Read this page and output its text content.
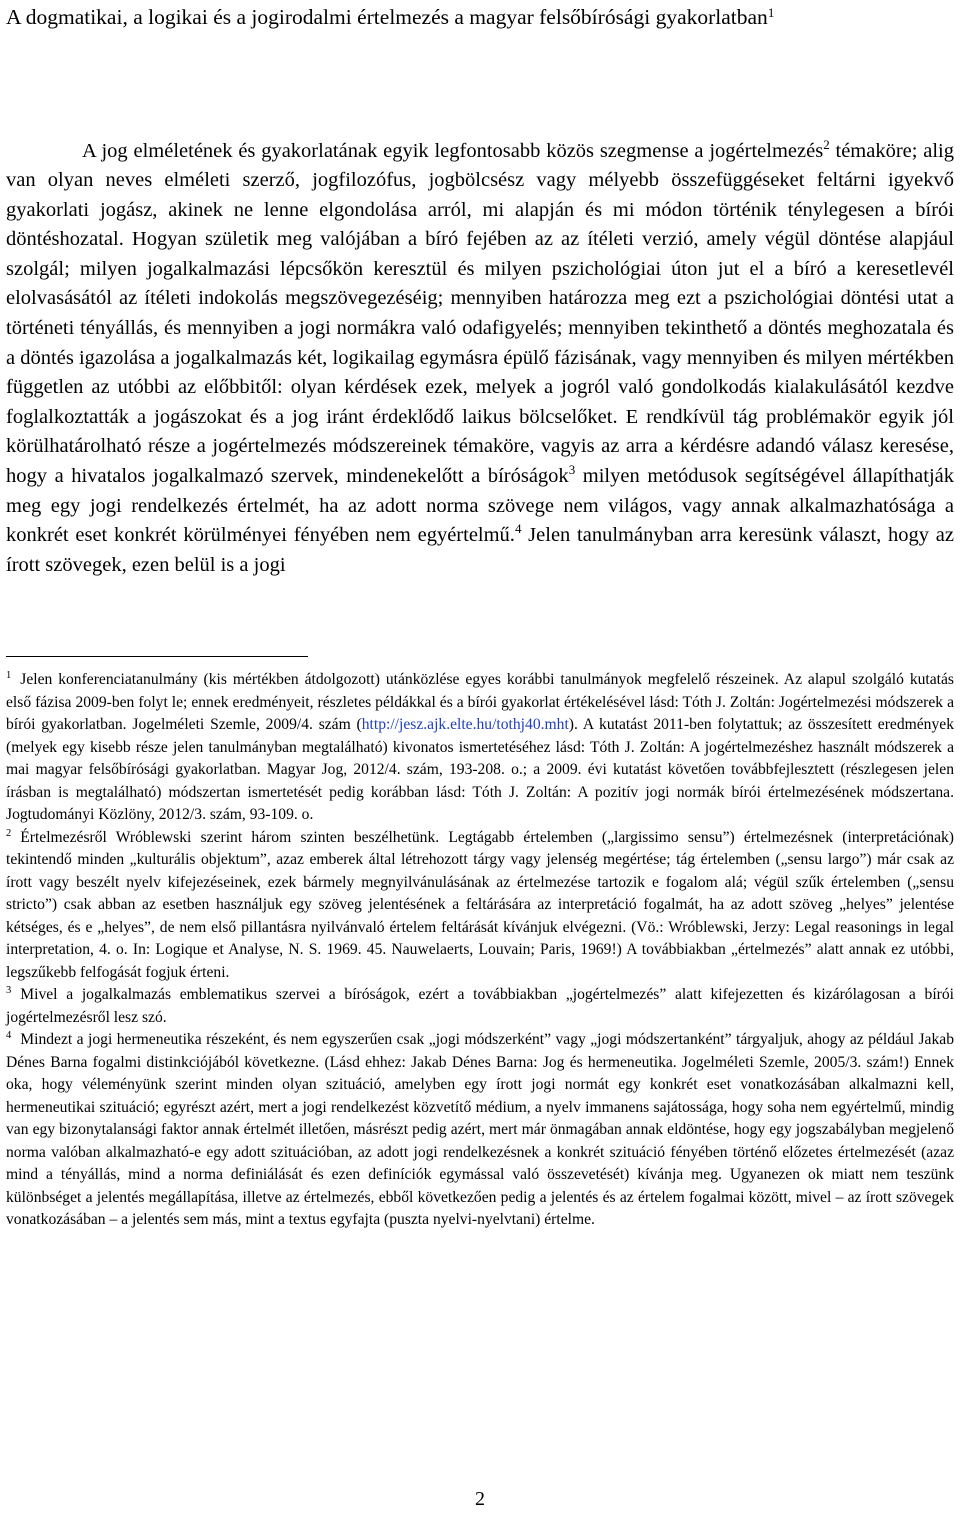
A dogmatikai, a logikai és a jogirodalmi értelmezés a magyar felsőbírósági gyakorlatban$^1$

A jog elméletének és gyakorlatának egyik legfontosabb közös szegmense a jogértelmezés$^2$ témaköre; alig van olyan neves elméleti szerző, jogfilozófus, jogbölcsész vagy mélyebb összefüggéseket feltárni igyekvő gyakorlati jogász, akinek ne lenne elgondolása arról, mi alapján és mi módon történik ténylegesen a bírói döntéshozatal. Hogyan születik meg valójában a bíró fejében az az ítéleti verzió, amely végül döntése alapjául szolgál; milyen jogalkalmazási lépcsőkön keresztül és milyen pszichológiai úton jut el a bíró a keresetlevél elolvasásától az ítéleti indokolás megszövegezéséig; mennyiben határozza meg ezt a pszichológiai döntési utat a történeti tényállás, és mennyiben a jogi normákra való odafigyelés; mennyiben tekinthető a döntés meghozatala és a döntés igazolása a jogalkalmazás két, logikailag egymásra épülő fázisának, vagy mennyiben és milyen mértékben független az utóbbi az előbbitől: olyan kérdések ezek, melyek a jogról való gondolkodás kialakulásától kezdve foglalkoztatták a jogászokat és a jog iránt érdeklődő laikus bölcselőket. E rendkívül tág problémakör egyik jól körülhatárolható része a jogértelmezés módszereinek témaköre, vagyis az arra a kérdésre adandó válasz keresése, hogy a hivatalos jogalkalmazó szervek, mindenekelőtt a bíróságok$^3$ milyen metódusok segítségével állapíthatják meg egy jogi rendelkezés értelmét, ha az adott norma szövege nem világos, vagy annak alkalmazhatósága a konkrét eset konkrét körülményei fényében nem egyértelmű.$^4$ Jelen tanulmányban arra keresünk választ, hogy az írott szövegek, ezen belül is a jogi

$^1$ Jelen konferenciatanulmány (kis mértékben átdolgozott) utánközlése egyes korábbi tanulmányok megfelelő részeinek. Az alapul szolgáló kutatás első fázisa 2009-ben folyt le; ennek eredményeit, részletes példákkal és a bírói gyakorlat értékelésével lásd: Tóth J. Zoltán: Jogértelmezési módszerek a bírói gyakorlatban. Jogelméleti Szemle, 2009/4. szám (http://jesz.ajk.elte.hu/tothj40.mht). A kutatást 2011-ben folytattuk; az összesített eredmények (melyek egy kisebb része jelen tanulmányban megtalálható) kivonatos ismertetéséhez lásd: Tóth J. Zoltán: A jogértelmezéshez használt módszerek a mai magyar felsőbírósági gyakorlatban. Magyar Jog, 2012/4. szám, 193-208. o.; a 2009. évi kutatást követően továbbfejlesztett (részlegesen jelen írásban is megtalálható) módszertan ismertetését pedig korábban lásd: Tóth J. Zoltán: A pozitív jogi normák bírói értelmezésének módszertana. Jogtudományi Közlöny, 2012/3. szám, 93-109. o.

$^2$ Értelmezésről Wróblewski szerint három szinten beszélhetünk. Legtágabb értelemben („largissimo sensu”) értelmezésnek (interpretációnak) tekintendő minden „kulturális objektum”, azaz emberek által létrehozott tárgy vagy jelenség megértése; tág értelemben („sensu largo”) már csak az írott vagy beszélt nyelv kifejezéseinek, ezek bármely megnyilvánulásának az értelmezése tartozik e fogalom alá; végül szűk értelemben („sensu stricto”) csak abban az esetben használjuk egy szöveg jelentésének a feltárására az interpretáció fogalmát, ha az adott szöveg „helyes” jelentése kétséges, és e „helyes”, de nem első pillantásra nyilvánvaló értelem feltárását kívánjuk elvégezni. (Vö.: Wróblewski, Jerzy: Legal reasonings in legal interpretation, 4. o. In: Logique et Analyse, N. S. 1969. 45. Nauwelaerts, Louvain; Paris, 1969!) A továbbiakban „értelmezés” alatt annak ez utóbbi, legszűkebb felfogását fogjuk érteni.

$^3$ Mivel a jogalkalmazás emblematikus szervei a bíróságok, ezért a továbbiakban „jogértelmezés” alatt kifejezetten és kizárólagosan a bírói jogértelmezésről lesz szó.

$^4$ Mindezt a jogi hermeneutika részeként, és nem egyszerűen csak „jogi módszerként” vagy „jogi módszertanként” tárgyaljuk, ahogy az például Jakab Dénes Barna fogalmi distinkciójából következne. (Lásd ehhez: Jakab Dénes Barna: Jog és hermeneutika. Jogelméleti Szemle, 2005/3. szám!) Ennek oka, hogy véleményünk szerint minden olyan szituáció, amelyben egy írott jogi normát egy konkrét eset vonatkozásában alkalmazni kell, hermeneutikai szituáció; egyrészt azért, mert a jogi rendelkezést közvetítő médium, a nyelv immanens sajátossága, hogy soha nem egyértelmű, mindig van egy bizonytalansági faktor annak értelmét illetően, másrészt pedig azért, mert már önmagában annak eldöntése, hogy egy jogszabályban megjelenő norma valóban alkalmazható-e egy adott szituációban, az adott jogi rendelkezésnek a konkrét szituáció fényében történő előzetes értelmezését (azaz mind a tényállás, mind a norma definiálását és ezen definíciók egymással való összevetését) kívánja meg. Ugyanezen ok miatt nem teszünk különbséget a jelentés megállapítása, illetve az értelmezés, ebből következően pedig a jelentés és az értelem fogalmai között, mivel – az írott szövegek vonatkozásában – a jelentés sem más, mint a textus egyfajta (puszta nyelvi-nyelvtani) értelme.

2
